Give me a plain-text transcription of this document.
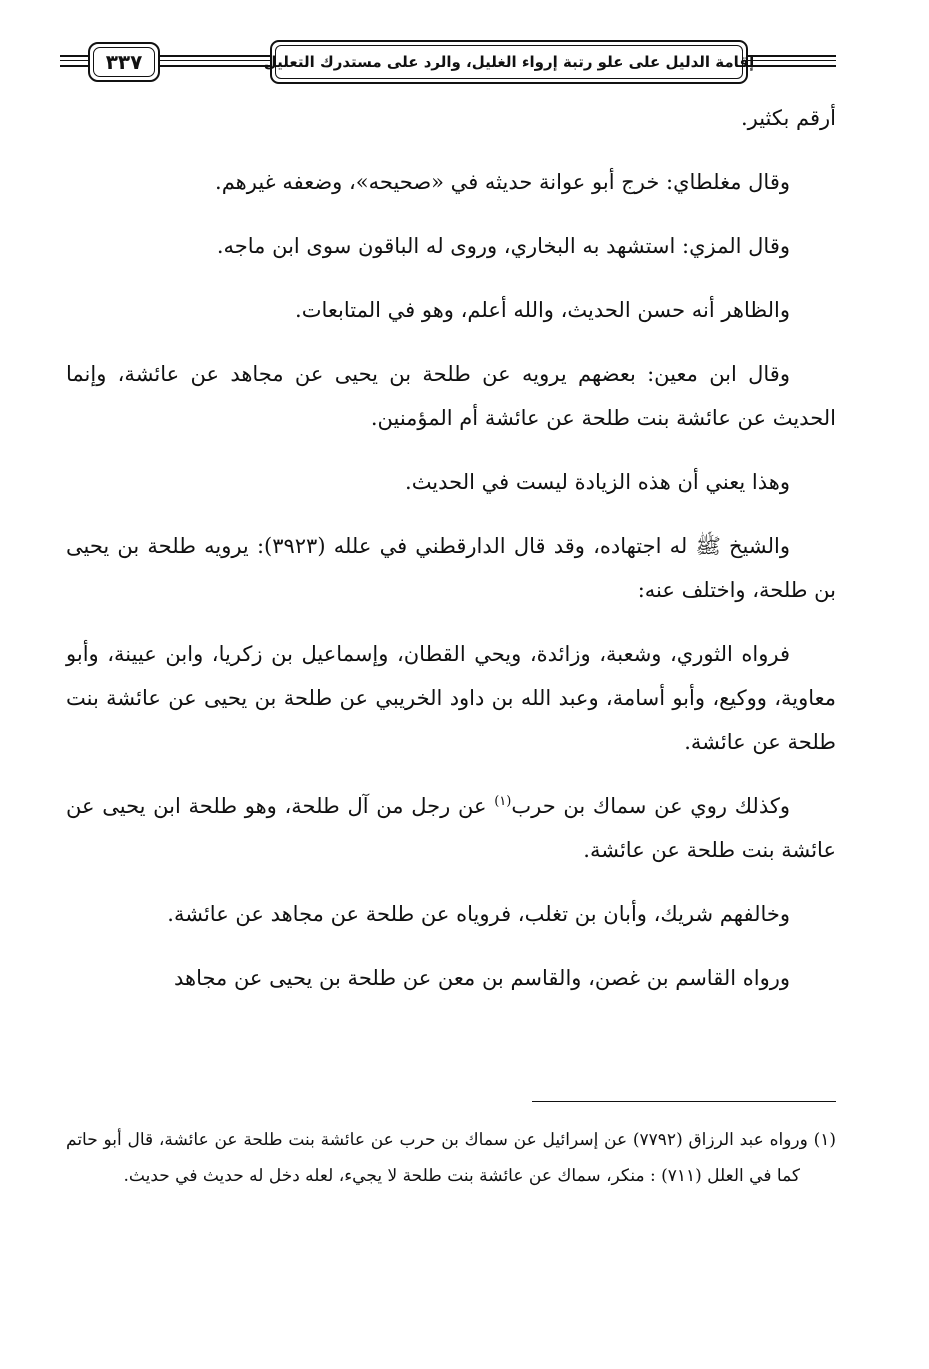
٣٣٧	إقامة الدليل على علو رتبة إرواء الغليل، والرد على مستدرك التعليل

أرقم بكثير.

وقال مغلطاي: خرج أبو عوانة حديثه في «صحيحه»، وضعفه غيرهم.

وقال المزي: استشهد به البخاري، وروى له الباقون سوى ابن ماجه.

والظاهر أنه حسن الحديث، والله أعلم، وهو في المتابعات.

وقال ابن معين: بعضهم يرويه عن طلحة بن يحيى عن مجاهد عن عائشة، وإنما الحديث عن عائشة بنت طلحة عن عائشة أم المؤمنين.

وهذا يعني أن هذه الزيادة ليست في الحديث.

والشيخ ﷺ له اجتهاده، وقد قال الدارقطني في علله (٣٩٢٣): يرويه طلحة بن يحيى بن طلحة، واختلف عنه:

فرواه الثوري، وشعبة، وزائدة، ويحي القطان، وإسماعيل بن زكريا، وابن عيينة، وأبو معاوية، ووكيع، وأبو أسامة، وعبد الله بن داود الخريبي عن طلحة بن يحيى عن عائشة بنت طلحة عن عائشة.

وكذلك روي عن سماك بن حرب$^{(١)}$ عن رجل من آل طلحة، وهو طلحة ابن يحيى عن عائشة بنت طلحة عن عائشة.

وخالفهم شريك، وأبان بن تغلب، فروياه عن طلحة عن مجاهد عن عائشة.

ورواه القاسم بن غصن، والقاسم بن معن عن طلحة بن يحيى عن مجاهد

(١) ورواه عبد الرزاق (٧٧٩٢) عن إسرائيل عن سماك بن حرب عن عائشة بنت طلحة عن عائشة، قال أبو حاتم كما في العلل (٧١١) : منكر، سماك عن عائشة بنت طلحة لا يجيء، لعله دخل له حديث في حديث.
